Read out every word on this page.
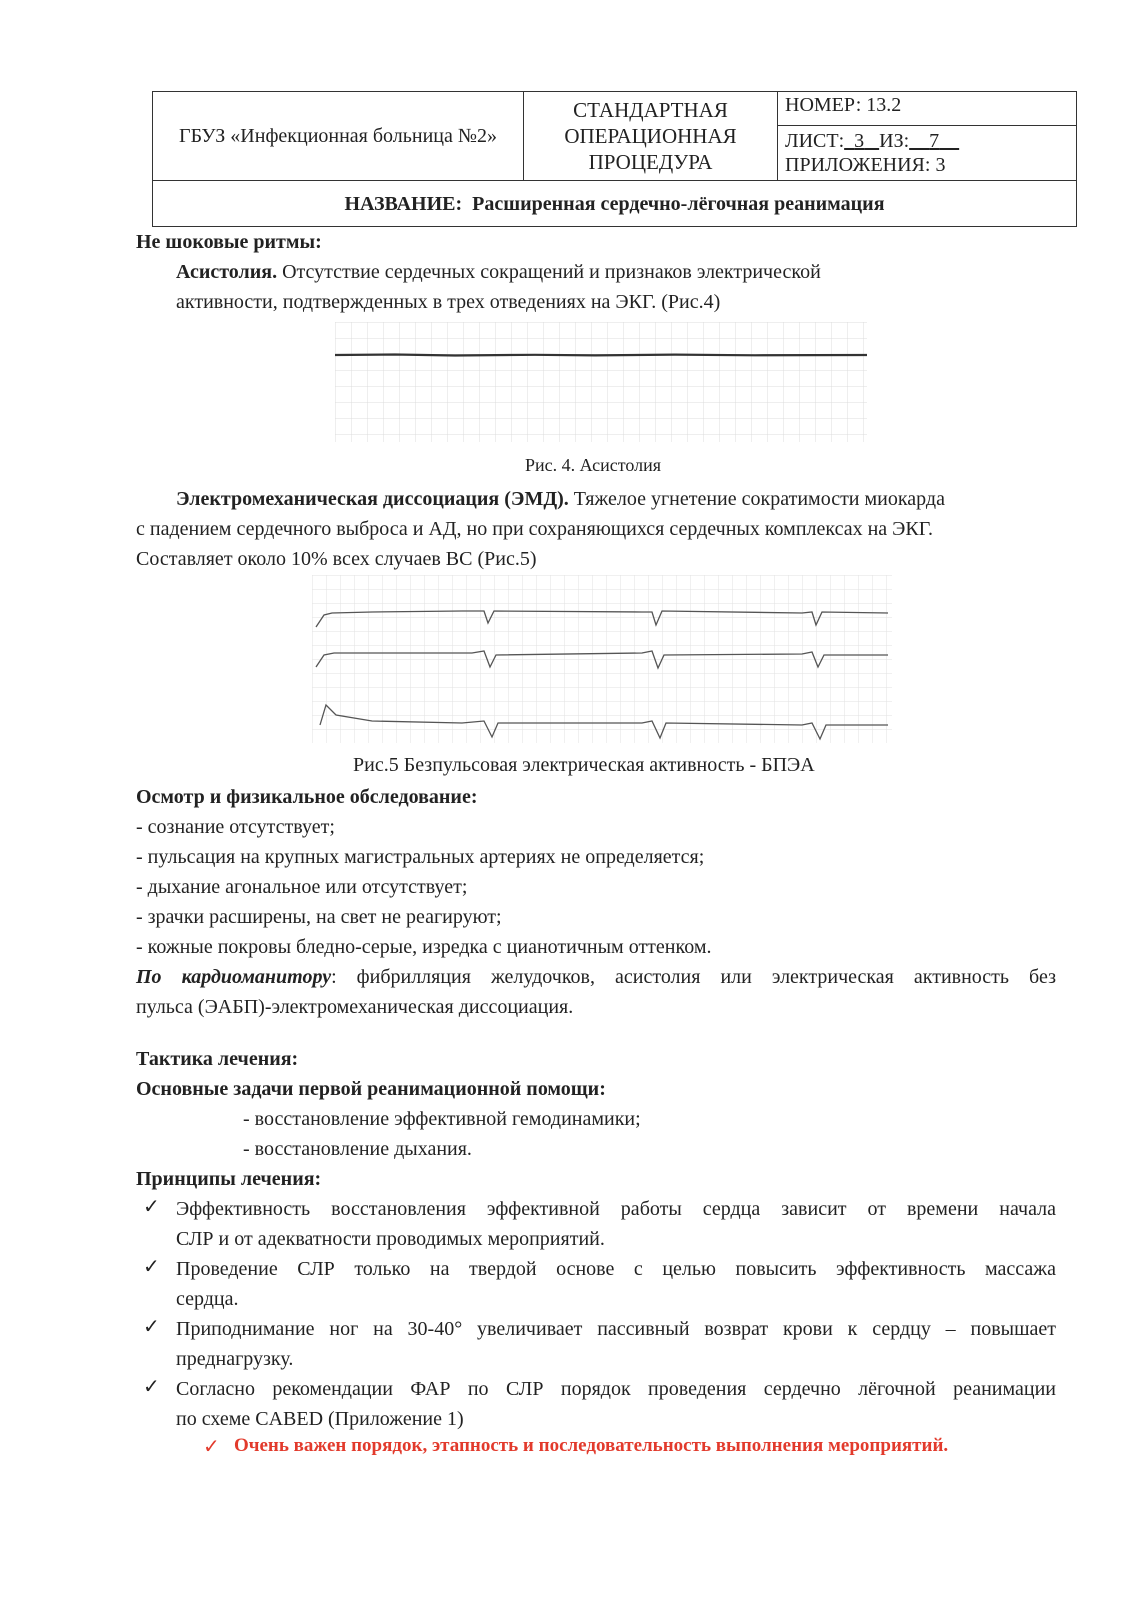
ГБУЗ «Инфекционная больница №2»
СТАНДАРТНАЯ ОПЕРАЦИОННАЯ ПРОЦЕДУРА
НОМЕР: 13.2
ЛИСТ: 3 ИЗ: 7
ПРИЛОЖЕНИЯ: 3
НАЗВАНИЕ:
Расширенная сердечно-лёгочная реанимация
Не шоковые ритмы:
Асистолия. Отсутствие сердечных сокращений и признаков электрической
активности, подтвержденных в трех отведениях на ЭКГ. (Рис.4)
Рис. 4. Асистолия
Электромеханическая диссоциация (ЭМД). Тяжелое угнетение сократимости миокарда
с падением сердечного выброса и АД, но при сохраняющихся сердечных комплексах на ЭКГ.
Составляет около 10% всех случаев ВС (Рис.5)
Рис.5 Безпульсовая электрическая активность - БПЭА
Осмотр и физикальное обследование:
- сознание отсутствует;
- пульсация на крупных магистральных артериях не определяется;
- дыхание агональное или отсутствует;
- зрачки расширены, на свет не реагируют;
- кожные покровы бледно-серые, изредка с цианотичным оттенком.
По кардиоманитору: фибрилляция желудочков, асистолия или электрическая активность без
пульса (ЭАБП)-электромеханическая диссоциация.
Тактика лечения:
Основные задачи первой реанимационной помощи:
- восстановление эффективной гемодинамики;
- восстановление дыхания.
Принципы лечения:
✓ Эффективность восстановления эффективной работы сердца зависит от времени начала
СЛР и от адекватности проводимых мероприятий.
✓ Проведение СЛР только на твердой основе с целью повысить эффективность массажа
сердца.
✓ Приподнимание ног на 30-40° увеличивает пассивный возврат крови к сердцу – повышает
преднагрузку.
✓ Согласно рекомендации ФАР по СЛР порядок проведения сердечно лёгочной реанимации
по схеме CABED (Приложение 1)
✓ Очень важен порядок, этапность и последовательность выполнения мероприятий.
